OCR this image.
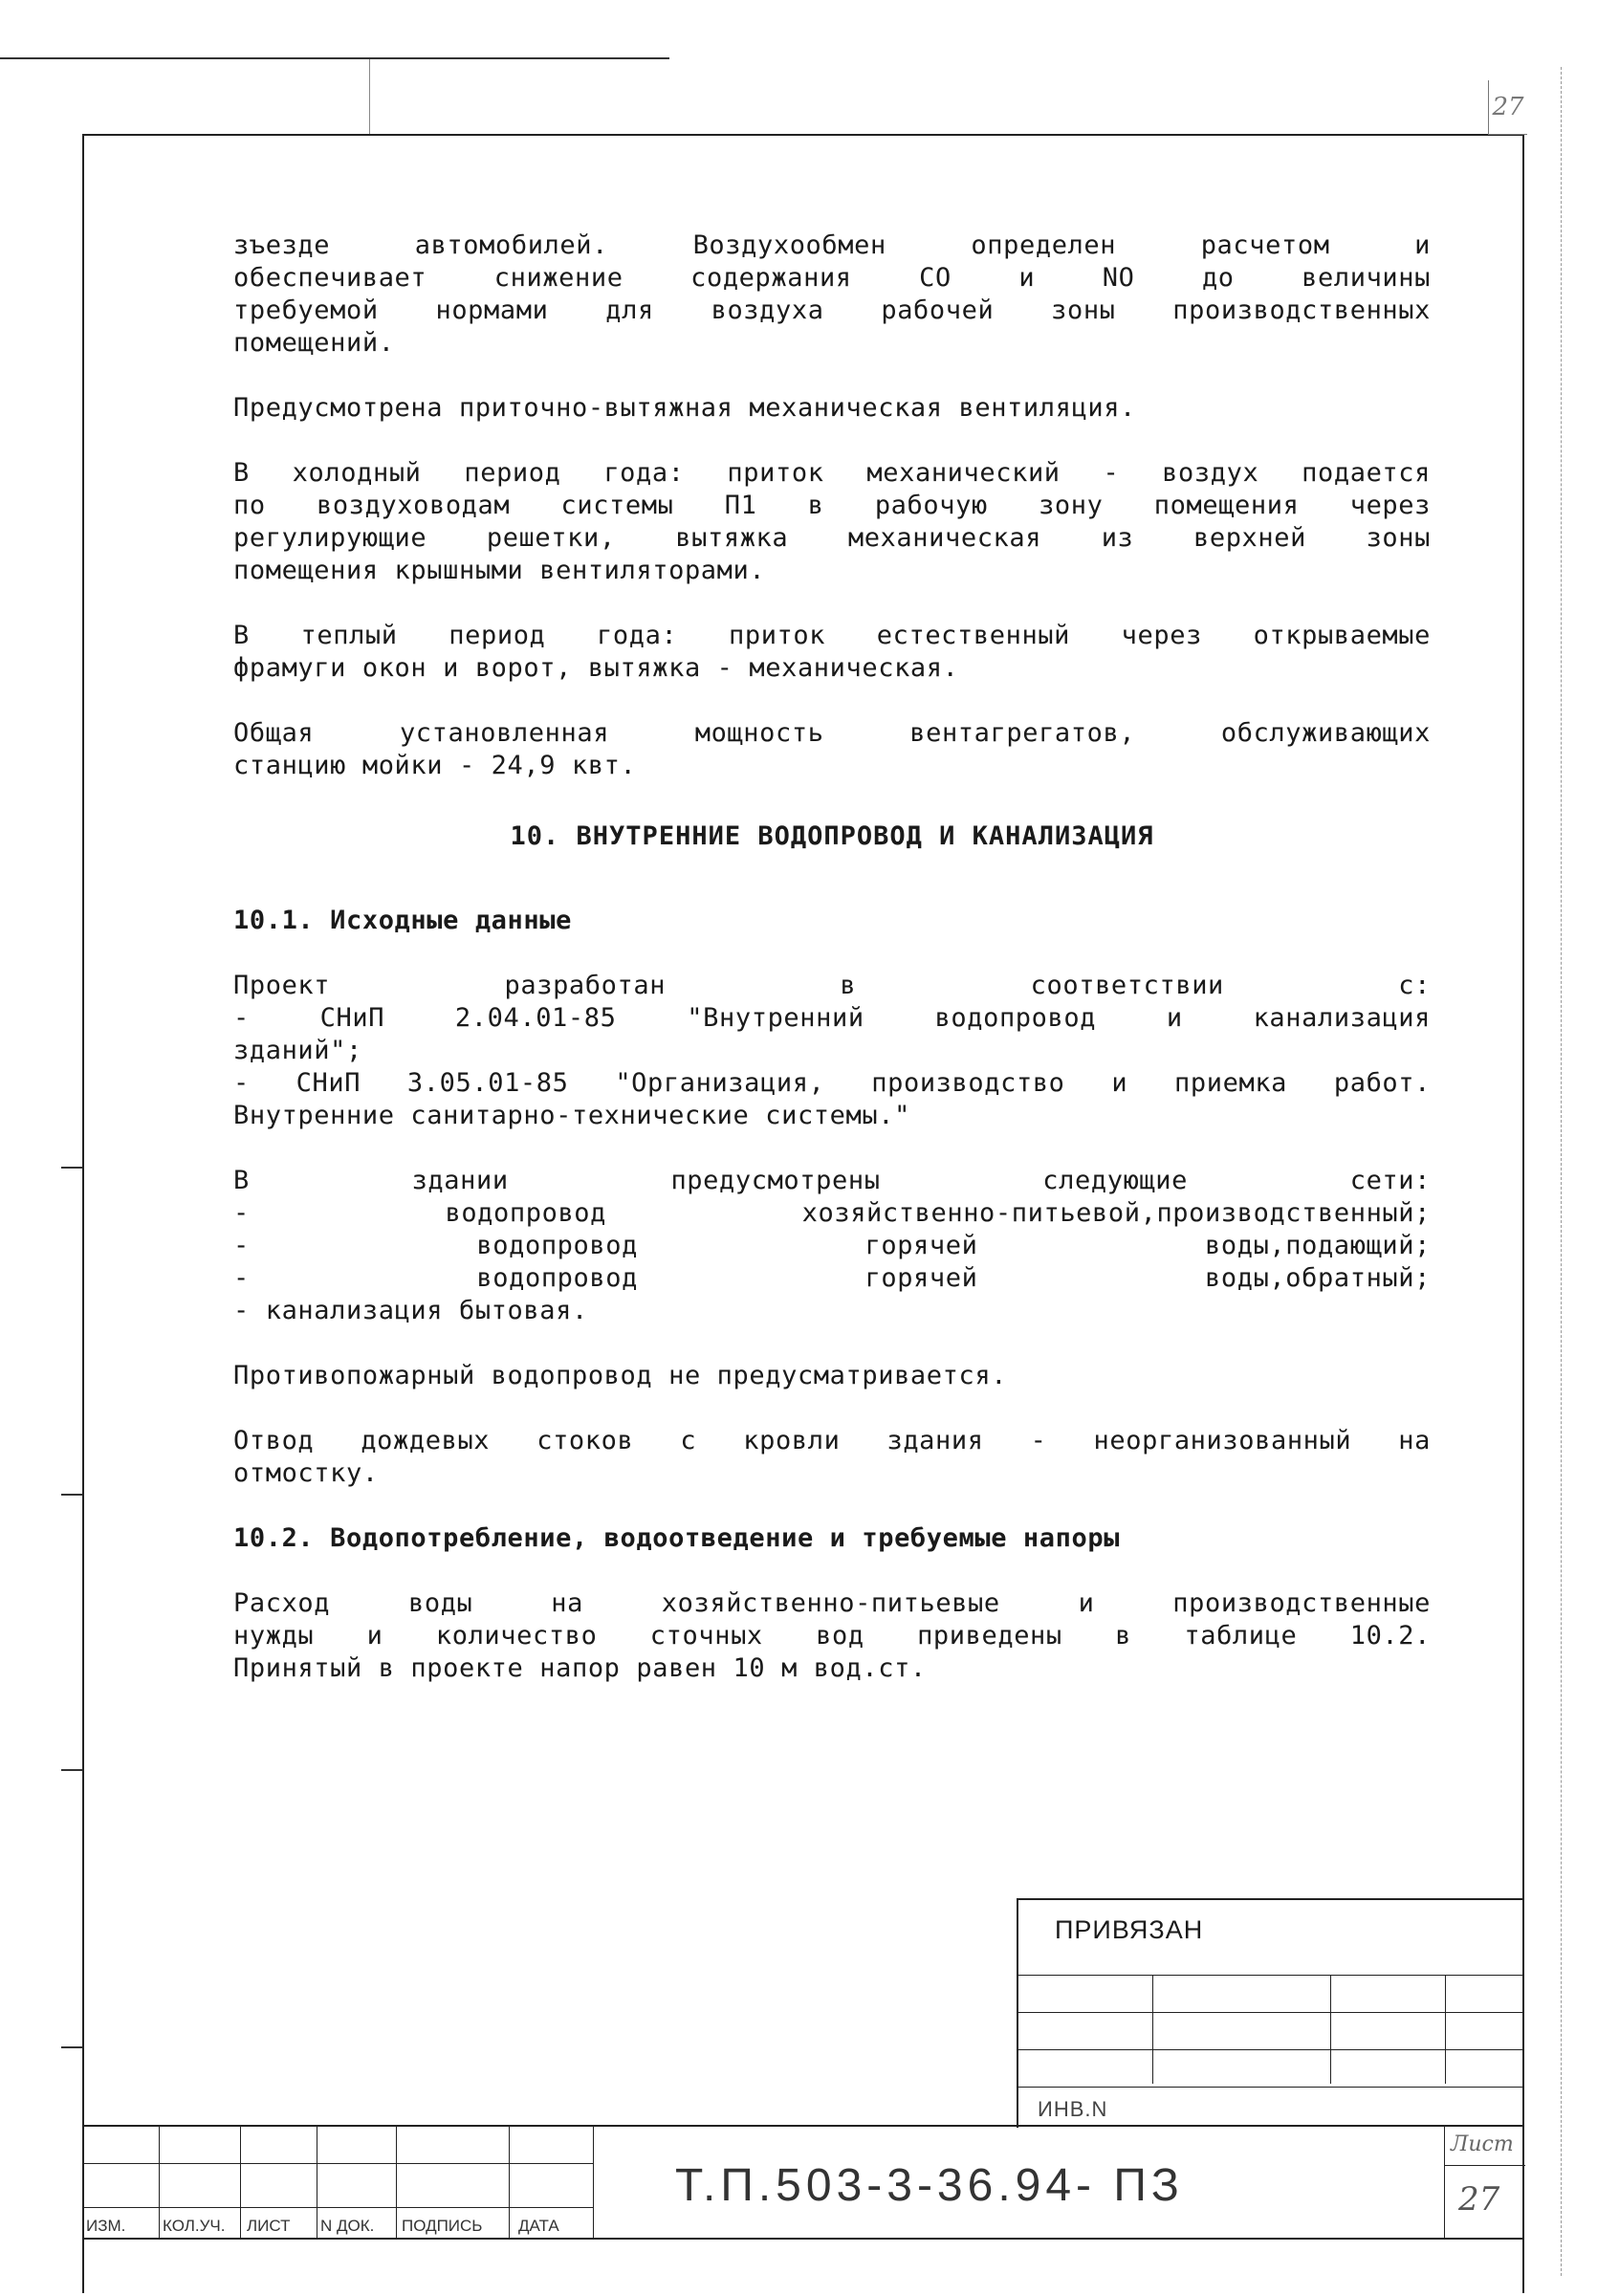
27
зъезде автомобилей. Воздухообмен определен расчетом и
обеспечивает снижение содержания CO и NO до величины
требуемой нормами для воздуха рабочей зоны производственных
помещений.
Предусмотрена приточно-вытяжная механическая вентиляция.
В холодный период года: приток механический - воздух подается
по воздуховодам системы П1 в рабочую зону помещения через
регулирующие решетки, вытяжка механическая из верхней зоны
помещения крышными вентиляторами.
В теплый период года: приток естественный через открываемые
фрамуги окон и ворот, вытяжка - механическая.
Общая установленная мощность вентагрегатов, обслуживающих
станцию мойки - 24,9 квт.
10. ВНУТРЕННИЕ ВОДОПРОВОД И КАНАЛИЗАЦИЯ
10.1. Исходные данные
Проект разработан в соответствии с:
- СНиП 2.04.01-85 "Внутренний водопровод и канализация
зданий";
- СНиП 3.05.01-85 "Организация, производство и приемка работ.
Внутренние санитарно-технические системы."
В здании предусмотрены следующие сети:
- водопровод хозяйственно-питьевой,производственный;
- водопровод горячей воды,подающий;
- водопровод горячей воды,обратный;
- канализация бытовая.
Противопожарный водопровод не предусматривается.
Отвод дождевых стоков с кровли здания - неорганизованный на
отмостку.
10.2. Водопотребление, водоотведение и требуемые напоры
Расход воды на хозяйственно-питьевые и производственные
нужды и количество сточных вод приведены в таблице 10.2.
Принятый в проекте напор равен 10 м вод.ст.
ПРИВЯЗАН
ИНВ.N
ИЗМ. КОЛ.УЧ. ЛИСТ N ДОК. ПОДПИСЬ ДАТА
Т.П.503-3-36.94- ПЗ
Лист
27
